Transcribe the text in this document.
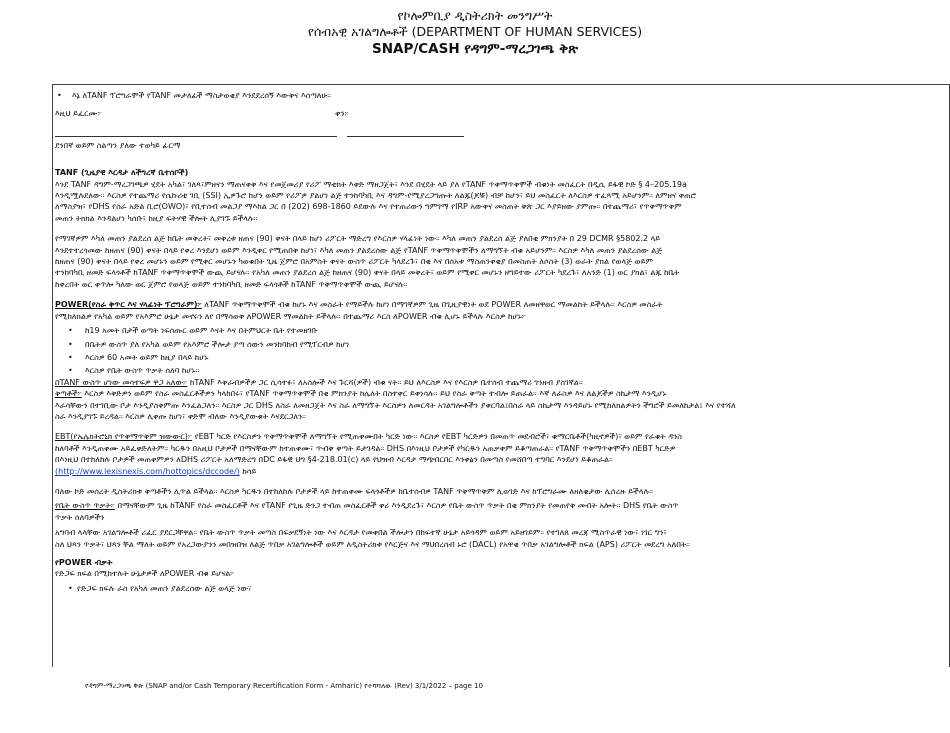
የኮሎምቢያ ዲስትሪክት መንግሥት
የሰብአዊ አገልግሎቶች (DEPARTMENT OF HUMAN SERVICES)
SNAP/CASH የዳግም-ማረጋገጫ ቅጽ

• እኔ ለTANF ፕሮግራሞች የTANF መታለፊች ማስታወቂያ እንደደረሰኝ እውቅና እሰጣለሁ።

እዚህ ይፈርሙ፦	ቀን፦

ደንበኛ ወይም ስልጣን ያለው ተወካይ ፊርማ

TANF (ጊዜያዊ እርዳታ ለችግረኛ ቤተሰቦች)

እንደ TANF ዳግም-ማረጋገጫዎ ሂደት አካል፣ ገለጻ፣ምዘናን ማጠናቀቅ እና የመጀመሪያ የሪፖ ማቲክት እቅድ ማዘጋጀት፣ እንደ በሂደት ላይ ያለ የTANF ጥቅማጥቅሞች ብቁነት መስፈርት በዲሲ ይፋዊ ኮድ § 4–205.19a

እንዲሟሉደለው። እርስዎ የተጨማሪ የሴኩሪቲ ገቢ (SSI) ኢዎጉሮ ከሆን ወይም የሪፖዎ ያልሆነ ልጅ ተንከባካቢ እና ዳግም-የሚያረጋግጡት ለልጁ(ጆቹ) ብቻ ከሆን፣ ይህ መስፈርት ለእርስዎ ተፈጻሚ አይሆንም። ለምዘና ቀጠሮ

ለማስያዝ፣ የDHS የስራ አድል ቢሮ(OWO)፣ የቢተሰብ መልጋያ ማእከል ጋር በ (202) 698-1860 ይደውሉ እና የተጠሪውን ግምገማ የIRP አውቅና መስጠት ቅጽ ጋር እያይዘው ያምጡ። በተጨማሪ፣ የጥቅማጥቅም

መጠን ትክክል እንዳልሆነ ካሰቡ፣ ከዚያ ፍትሃዊ ችሎት ሊያገኙ ይችላሉ።

የማገኛዎም እካለ መጠን ያልደረሰ ልጅ ከቤት መቅረት፣ መቅረቱ ዘጠና (90) ቀናት በላይ ከሆነ ሪፖርት ማድረግ የእርስዎ ሃላፊነት ነው። እካለ መጠን ያልደረሰ ልጅ ያለበቂ ምክንያት በ 29 DCMR §5802.2 ላይ

እንደተተረጎመው ከዘጠና (90) ቀናት በላይ የቀረ እንደሆነ ወይም እንዲቀር የሚጠበቅ ከሆነ፣ እካለ መጠን ያልደረሰው ልጅ የTANF ጥቅማጥቅሞችን ለማግኘት ብቁ አይሆንም። እርስዎ እካለ መጠን ያልደረሰው ልጅ

ከዘጠና (90) ቀናት በላይ የቀረ መሆኑን ወይም የሚቀር መሆኑን ካወቁበት ጊዜ ጀምሮ በአምስት ቀናት ውስጥ ሪፖርት ካላደረጉ፣ በቂ እና በሰአቱ ማስጠንቀቂያ በመስጠት ለሶስት (3) ወራት ያክል የወላጅ ወይም

ተንከባካቢ ዘመድ ፍላጎቶች ከTANF ጥቅማጥቅሞች ውጪ ይሆናሉ። የአካለ መጠን ያልደረሰ ልጅ ከዘጠና (90) ቀናት በላይ መቅረት፣ ወይም የሚቀር መሆኑን ዘግይተው ሪፖርት ካደረጉ፣ ለአንድ (1) ወር ያክል፣ ልጁ ከቤት

ከቀረበት ወር ቀጥሎ ካለው ወር ጀምሮ የወላጅ ወይም ተንከባካቢ ዘመድ ፍላጎቶች ከTANF ጥቅማጥቅሞች ውጪ ይሆናሉ።

POWER(የስራ ቅጥር እና ሃላፊነት ፕሮግራም)፦ ለTANF ጥቅማጥቅሞች ብቁ ከሆኑ እና መስራት የማይችሉ ከሆነ በማገኛዎም ጊዜ በጊዚያዊነት ወደ POWER ለመዘዋወር ማመልከት ይችላሉ። እርስዎ መስራት

የሚከለክልዎ የአካል ወይም የአእምሮ ሁኔታ መኖሩን ለየ በማሳወቅ ለPOWER ማመልከት ይችላሉ። በተጨማሪ እርስ ለPOWER ብቁ ሊሆኑ ይችላሉ እርስዎ ከሆኑ፦

• ከ19 አመት በታች ወጣት ነፍሰጡር ወይም እናት እና በትምህርት ቤት የተመዘገቡ

• በቤትዎ ውስጥ ያለ የአካል ወይም የአእምሮ ችሎታ ያጣ ሰውን መንከባከብ የሚፕርብዎ ከሆነ

• እርስዎ 60 አመት ወይም ከዚያ በላይ ከሆኑ

• እርስዎ የቤት ውስጥ ጥቃት ሰለባ ከሆኑ።

በTANF ውስጥ ሆነው መሳተፍዎ ዋጋ አለው፦ ከTANF እቅራብዎችዎ ጋር ሲሳተፉ፣ ለአስሎች እና ጉርሻ(ዎች) ብቁ ናት። ይህ ለእርስዎ እና የእርስዎ ቤተሰብ ተጨማሪ ገንዘብ ያስገኛል።

ቅጣቶች፦ እርስዎ እቅድዎን ወይም የስራ መስፈርቶችዎን ካላከበሩ፣ የTANF ጥቅማጥቅሞች በቂ ምክንያት ከሌለት በስተቀር ይቀነሳሉ። ይህ የስራ ቅጣት ተብሎ ይጠራል። እኛ ለራስዎ እና ለልጆችዎ ስኬታማ እንዲሆኑ

እራሳቸውን በተገቢው ቦታ እንዲያስቀምጡ እንፈልጋለን። እርስዎ ጋር DHS ለስራ ለመዘጋጀት እና ስራ ለማግኘት እርስዎን ለመርዳት አገልግሎቶችን ያቀርባል፤በስራ ላይ ስኬታማ እንዳይሆኑ የሚከለክልዎትን ችግሮች ይመለከታል፤ እና የተሻለ

ስራ እንዲያገኙ ይረዳል። እርስዎ ሊቀጡ ከሆነ፣ ቀድሞ ብለው እንዲያውቁት እናደርጋለን።

EBT(የኤሌክትሮኒክ የጥቅማጥቅም ዝውውር)፦ የEBT ካርድ የእርስዎን ጥቅማጥቅሞች ለማግኘት የሚጠቀሙበት ካርድ ነው። እርስዎ የEBT ካርድዎን በመጠጥ መደብሮች፣ ቁማርቤቶች(ካዚኖዎች)፣ ወይም የራቁት ዳንስ

ከለባቶች እንዲጠቀሙ አይፈቀድለትም። ካርዱን በአዚህ ቦታዎች በማናቸውም ከተጠቀሙ፣ ጥብቅ ቅጣት ይታገዳል። DHS በእነዚህ ቦታዎች የካርዱን አጠቃቀም ይቆጣጠራል። የTANF ጥቅማጥቅሞችን በEBT ካርድዎ

በእነዚህ በተከለከሉ ቦታዎች መጠቀምዎን ለDHS ሪፖርት አለማድረግ በDC ይፋዊ ህግ §4-218.01(c) ላይ የህዝብ እርዳታ ማጭበርበር እንቀፅን በመጣስ የመሸበጣ ተግባር እንደሆነ ይቆጠራል።

(http://www.lexisnexis.com/hottopics/dccode/) ከሳይ

ባለው ኮድ መሰረት ዲስትሪክቱ ቅጣቶችን ሊጥል ይችላል። እርስዎ ካርዱን በተከለከሉ ቦታዎች ላይ ከተጠቀሙ ፍላጎቶችዎ ከቤተሰብዎ TANF ጥቅማጥቅም ሊወገድ እና ከፕሮግራሙ ለዘለቄታው ሊሰረዙ ይችላሉ።

የቤት ውስጥ ጥቃት፦ በማናቸውም ጊዜ ከTANF የስራ መስፈርቶች እና የTANF የጊዜ ድንጋ ተብጠ መስፈርቶች ቀሪ እንዲደረጉ፣ እርስዎ የቤት ውስጥ ጥቃት በቂ ምክንያት የመጠየቅ መብት አሎት። DHS የቤት ውስጥ

ጥቃት ሰለባዎችን

አግባብ ላላቸው አገልግሎቶች ሪፈር ያደርጋቸዋል። የቤት ውስጥ ጥቃት መጣስ በፍቃደኝነት ነው እና እርዳታ የመቀበል ችሎታን በከፍተኛ ሁኔታ አይጎዳም ወይም አይዘገይም። የተገለጸ መረጃ ሚስጥራዊ ነው፣ ነገር ግን፣

ስለ ህጻን ጥቃት፣ ህጻን ቸል ማለት ወይም የአረጋውያንን መበዝበዝ ለልጅ ጥበቃ አገልግሎቶች ወይም ለዲስትሪክቱ የእርጅና እና ማህበረሰብ ኑሮ (DACL) የአዋቂ ጥበቃ አገልግሎቶች ክፍል (APS) ሪፖርት መደረግ አለበት።

የPOWER ብቃት

የድጋፍ ክፍል በሚከተሉት ሁኔታዎች ለPOWER ብቁ ይሆናል፦

• የድጋፍ ክፍሉ ራስ የአካለ መጠን ያልደረሰው ልጅ ወላጅ ነው፣

የዳግም-ማረጋገጫ ቅጽ (SNAP and/or Cash Temporary Recertification Form - Amharic) የተሻሻለው (Rev) 3/1/2022 – page 10
